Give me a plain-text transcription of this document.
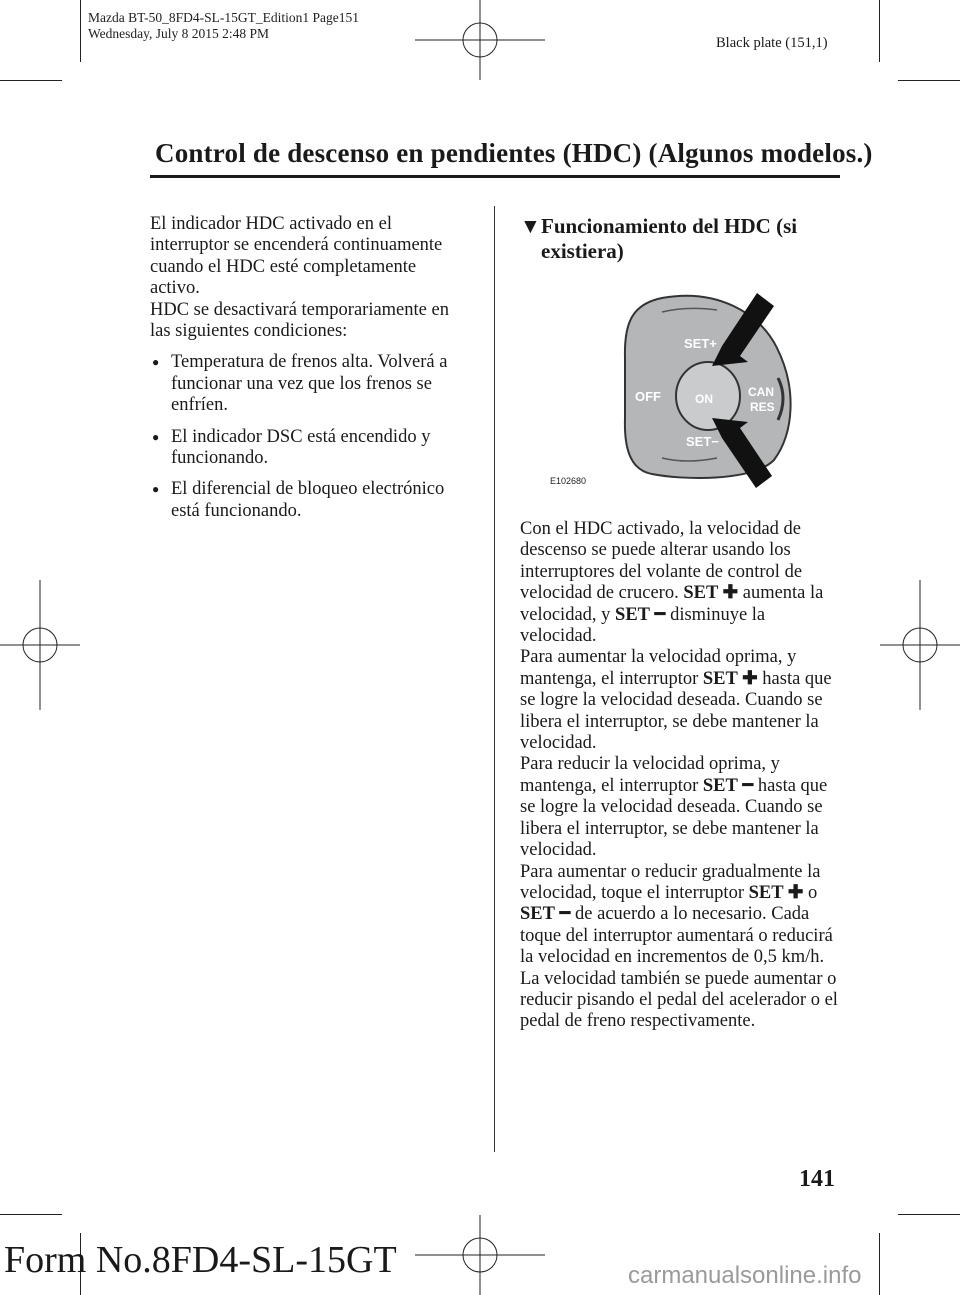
Mazda BT-50_8FD4-SL-15GT_Edition1 Page151
Wednesday, July 8 2015 2:48 PM
Black plate (151,1)
Control de descenso en pendientes (HDC) (Algunos modelos.)

El indicador HDC activado en el interruptor se encenderá continuamente cuando el HDC esté completamente activo.

HDC se desactivará temporariamente en las siguientes condiciones:

● Temperatura de frenos alta. Volverá a funcionar una vez que los frenos se enfríen.
● El indicador DSC está encendido y funcionando.
● El diferencial de bloqueo electrónico está funcionando.
▼ Funcionamiento del HDC (si existiera)
SET+
OFF	ON	CAN
RES
SET−
E102680

Con el HDC activado, la velocidad de descenso se puede alterar usando los interruptores del volante de control de velocidad de crucero. SET ✚ aumenta la velocidad, y SET ━ disminuye la velocidad.

Para aumentar la velocidad oprima, y mantenga, el interruptor SET ✚ hasta que se logre la velocidad deseada. Cuando se libera el interruptor, se debe mantener la velocidad.

Para reducir la velocidad oprima, y mantenga, el interruptor SET ━ hasta que se logre la velocidad deseada. Cuando se libera el interruptor, se debe mantener la velocidad.

Para aumentar o reducir gradualmente la velocidad, toque el interruptor SET ✚ o SET ━ de acuerdo a lo necesario. Cada toque del interruptor aumentará o reducirá la velocidad en incrementos de 0,5 km/h.

La velocidad también se puede aumentar o reducir pisando el pedal del acelerador o el pedal de freno respectivamente.

141
Form No.8FD4-SL-15GT	carmanualsonline.info
